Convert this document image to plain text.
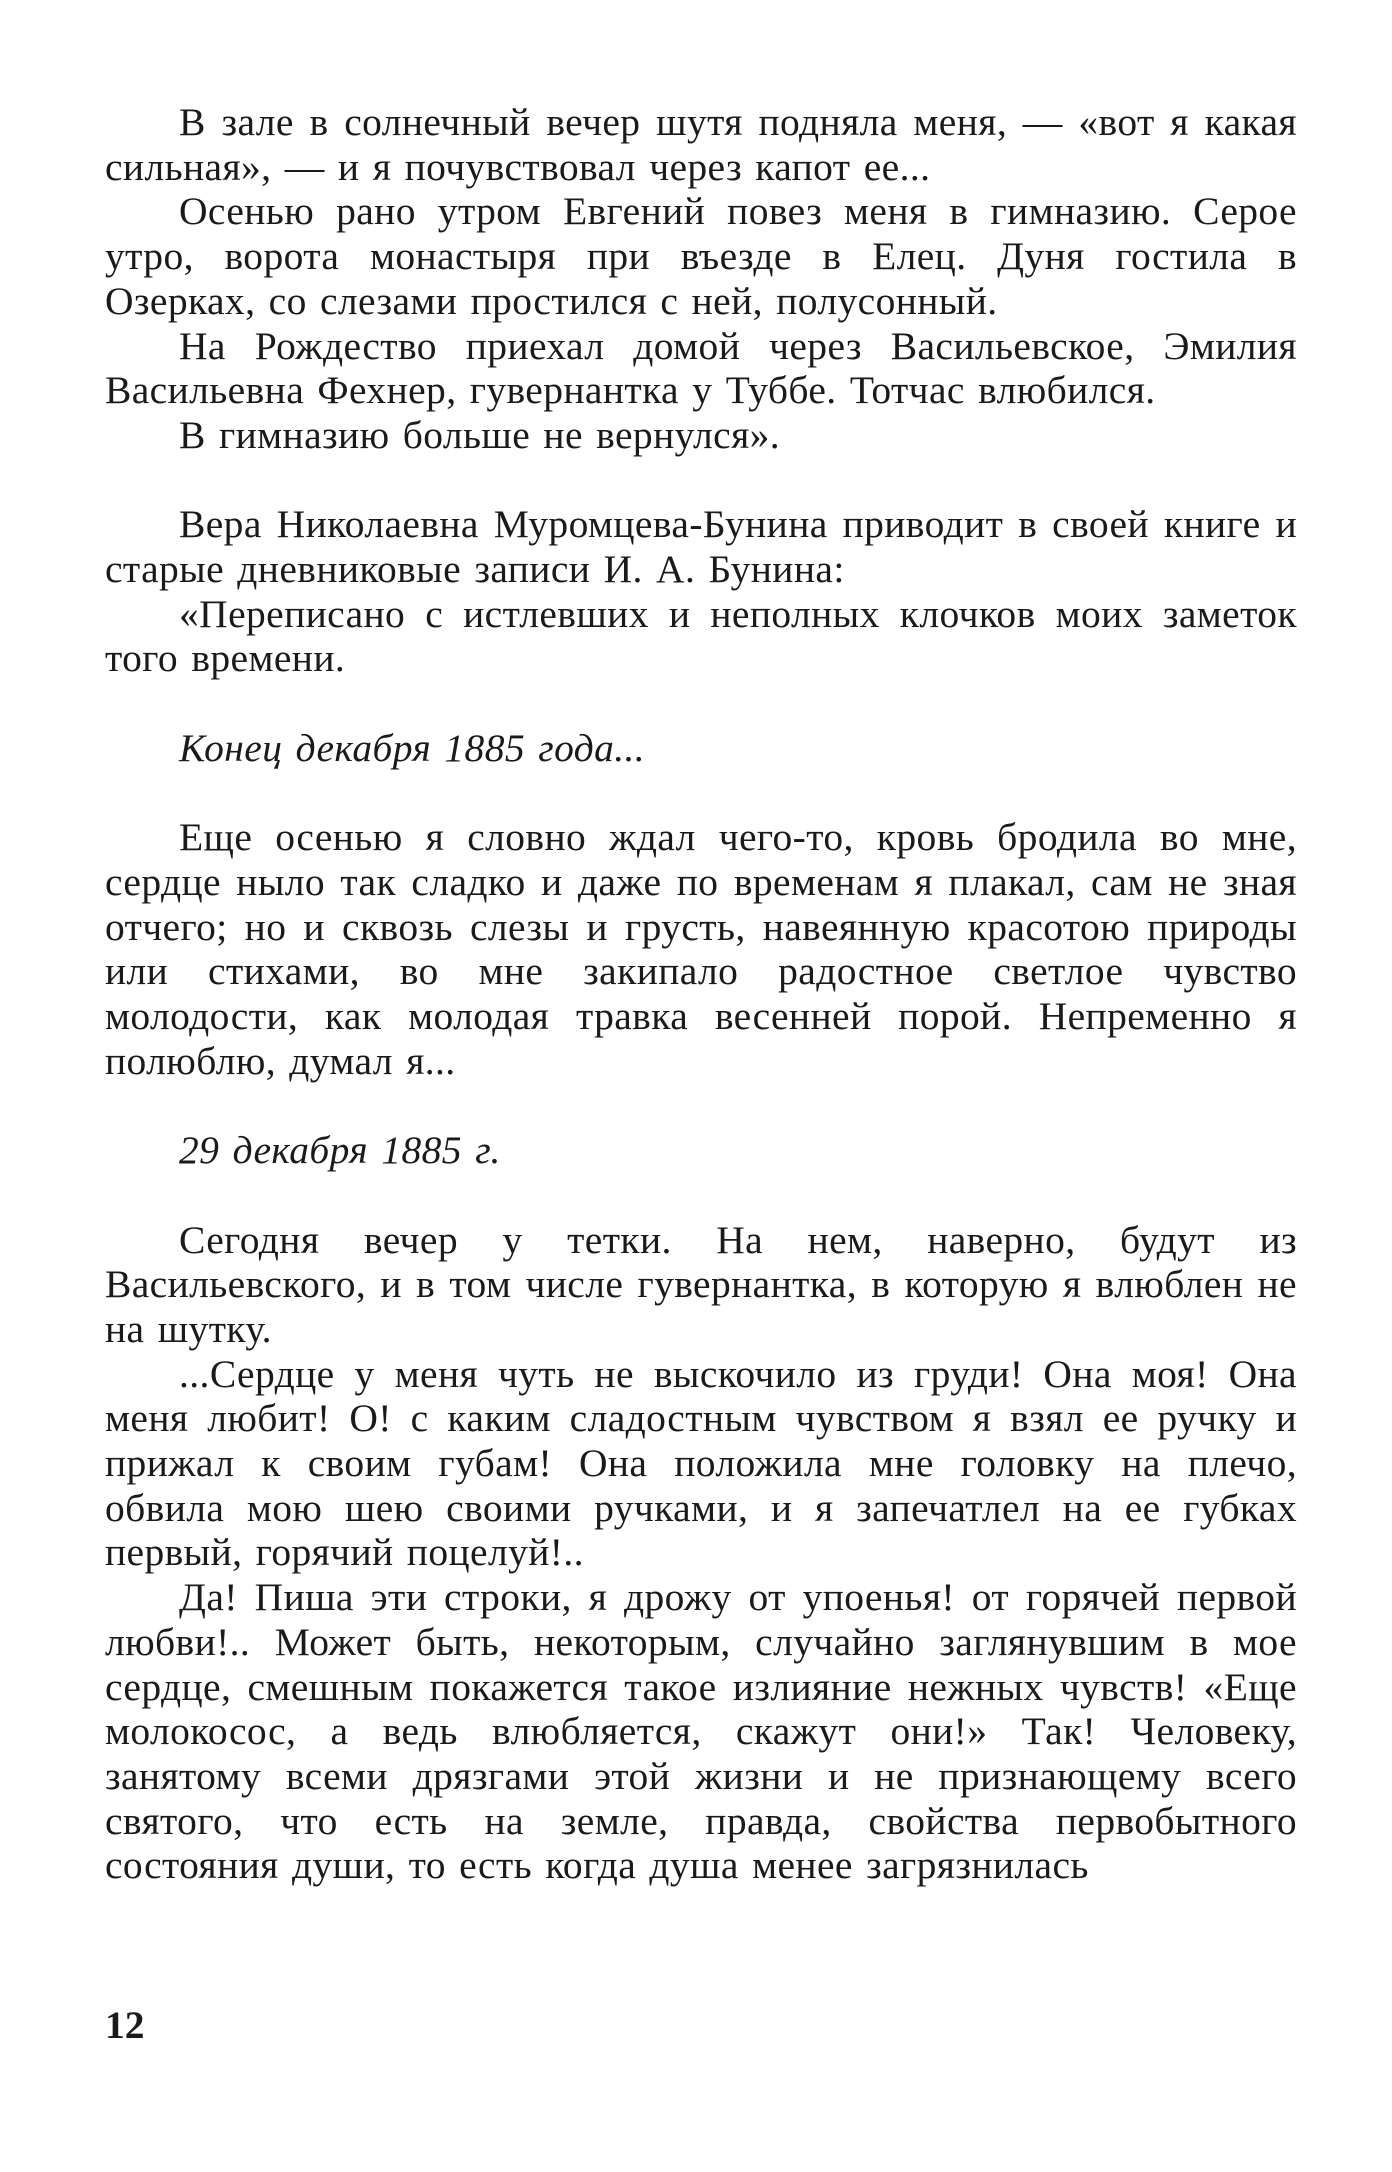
В зале в солнечный вечер шутя подняла меня, — «вот я какая сильная», — и я почувствовал через капот ее...

Осенью рано утром Евгений повез меня в гимназию. Серое утро, ворота монастыря при въезде в Елец. Дуня гостила в Озерках, со слезами простился с ней, полусонный.

На Рождество приехал домой через Васильевское, Эмилия Васильевна Фехнер, гувернантка у Туббе. Тотчас влюбился.

В гимназию больше не вернулся».

Вера Николаевна Муромцева-Бунина приводит в своей книге и старые дневниковые записи И. А. Бунина:

«Переписано с истлевших и неполных клочков моих заметок того времени.

Конец декабря 1885 года...

Еще осенью я словно ждал чего-то, кровь бродила во мне, сердце ныло так сладко и даже по временам я плакал, сам не зная отчего; но и сквозь слезы и грусть, навеянную красотою природы или стихами, во мне закипало радостное светлое чувство молодости, как молодая травка весенней порой. Непременно я полюблю, думал я...

29 декабря 1885 г.

Сегодня вечер у тетки. На нем, наверно, будут из Васильевского, и в том числе гувернантка, в которую я влюблен не на шутку.

...Сердце у меня чуть не выскочило из груди! Она моя! Она меня любит! О! с каким сладостным чувством я взял ее ручку и прижал к своим губам! Она положила мне головку на плечо, обвила мою шею своими ручками, и я запечатлел на ее губках первый, горячий поцелуй!..

Да! Пиша эти строки, я дрожу от упоенья! от горячей первой любви!.. Может быть, некоторым, случайно заглянувшим в мое сердце, смешным покажется такое излияние нежных чувств! «Еще молокосос, а ведь влюбляется, скажут они!» Так! Человеку, занятому всеми дрязгами этой жизни и не признающему всего святого, что есть на земле, правда, свойства первобытного состояния души, то есть когда душа менее загрязнилась

12
